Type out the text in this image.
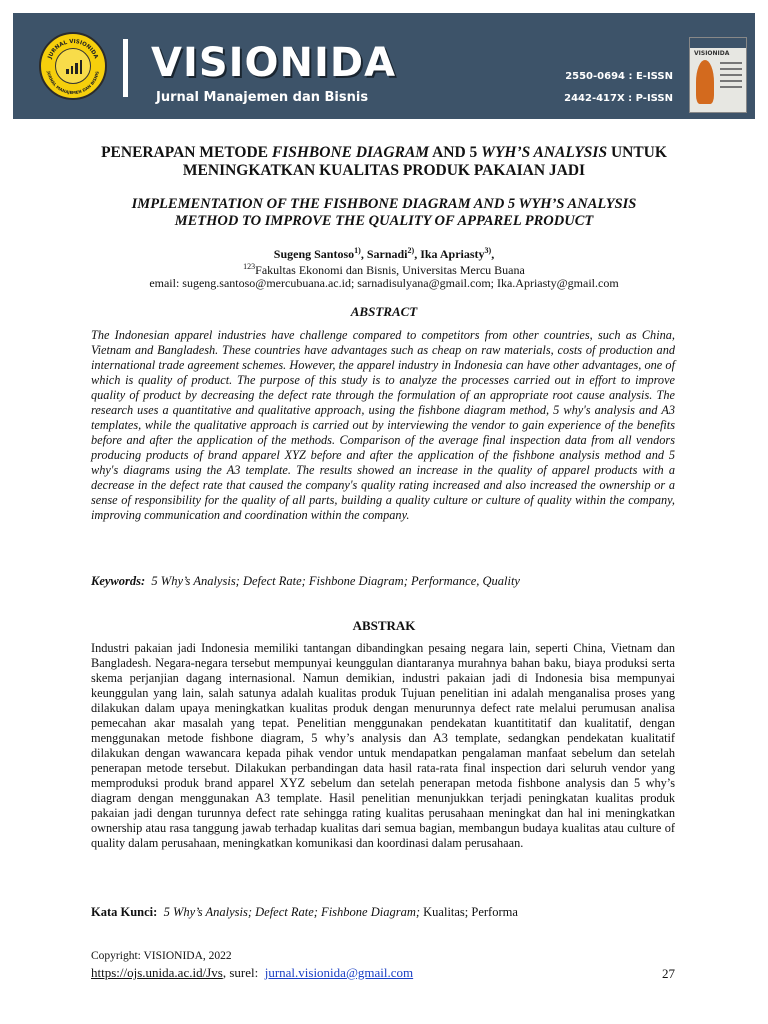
JURNAL VISIONIDA
JURNAL MANAJEMEN DAN BISNIS VISIONIDA
Jurnal Manajemen dan Bisnis
2550-0694 : E-ISSN
2442-417X : P-ISSN
VISIONIDA
PENERAPAN METODE FISHBONE DIAGRAM AND 5 WYH’S ANALYSIS UNTUK
MENINGKATKAN KUALITAS PRODUK PAKAIAN JADI
IMPLEMENTATION OF THE FISHBONE DIAGRAM AND 5 WYH’S ANALYSIS
METHOD TO IMPROVE THE QUALITY OF APPAREL PRODUCT
Sugeng Santoso$^{1)}$, Sarnadi$^{2)}$, Ika Apriasty$^{3)}$,
$^{123}$Fakultas Ekonomi dan Bisnis, Universitas Mercu Buana
email: sugeng.santoso@mercubuana.ac.id; sarnadisulyana@gmail.com; Ika.Apriasty@gmail.com
ABSTRACT
The Indonesian apparel industries have challenge compared to competitors from other countries, such as China, Vietnam and Bangladesh. These countries have advantages such as cheap on raw materials, costs of production and international trade agreement schemes. However, the apparel industry in Indonesia can have other advantages, one of which is quality of product. The purpose of this study is to analyze the processes carried out in effort to improve quality of product by decreasing the defect rate through the formulation of an appropriate root cause analysis. The research uses a quantitative and qualitative approach, using the fishbone diagram method, 5 why's analysis and A3 templates, while the qualitative approach is carried out by interviewing the vendor to gain experience of the benefits before and after the application of the methods. Comparison of the average final inspection data from all vendors producing products of brand apparel XYZ before and after the application of the fishbone analysis method and 5 why's diagrams using the A3 template. The results showed an increase in the quality of apparel products with a decrease in the defect rate that caused the company's quality rating increased and also increased the ownership or a sense of responsibility for the quality of all parts, building a quality culture or culture of quality within the company, improving communication and coordination within the company.
Keywords: 5 Why’s Analysis; Defect Rate; Fishbone Diagram; Performance, Quality
ABSTRAK
Industri pakaian jadi Indonesia memiliki tantangan dibandingkan pesaing negara lain, seperti China, Vietnam dan Bangladesh. Negara-negara tersebut mempunyai keunggulan diantaranya murahnya bahan baku, biaya produksi serta skema perjanjian dagang internasional. Namun demikian, industri pakaian jadi di Indonesia bisa mempunyai keunggulan yang lain, salah satunya adalah kualitas produk Tujuan penelitian ini adalah menganalisa proses yang dilakukan dalam upaya meningkatkan kualitas produk dengan menurunnya defect rate melalui perumusan analisa pemecahan akar masalah yang tepat. Penelitian menggunakan pendekatan kuantititatif dan kualitatif, dengan menggunakan metode fishbone diagram, 5 why’s analysis dan A3 template, sedangkan pendekatan kualitatif dilakukan dengan wawancara kepada pihak vendor untuk mendapatkan pengalaman manfaat sebelum dan setelah penerapan metode tersebut. Dilakukan perbandingan data hasil rata-rata final inspection dari seluruh vendor yang memproduksi produk brand apparel XYZ sebelum dan setelah penerapan metoda fishbone analysis dan 5 why’s diagram dengan menggunakan A3 template. Hasil penelitian menunjukkan terjadi peningkatan kualitas produk pakaian jadi dengan turunnya defect rate sehingga rating kualitas perusahaan meningkat dan hal ini meningkatkan ownership atau rasa tanggung jawab terhadap kualitas dari semua bagian, membangun budaya kualitas atau culture of quality dalam perusahaan, meningkatkan komunikasi dan koordinasi dalam perusahaan.
Kata Kunci: 5 Why’s Analysis; Defect Rate; Fishbone Diagram; Kualitas; Performa
Copyright: VISIONIDA, 2022
https://ojs.unida.ac.id/Jvs, surel: jurnal.visionida@gmail.com	27
